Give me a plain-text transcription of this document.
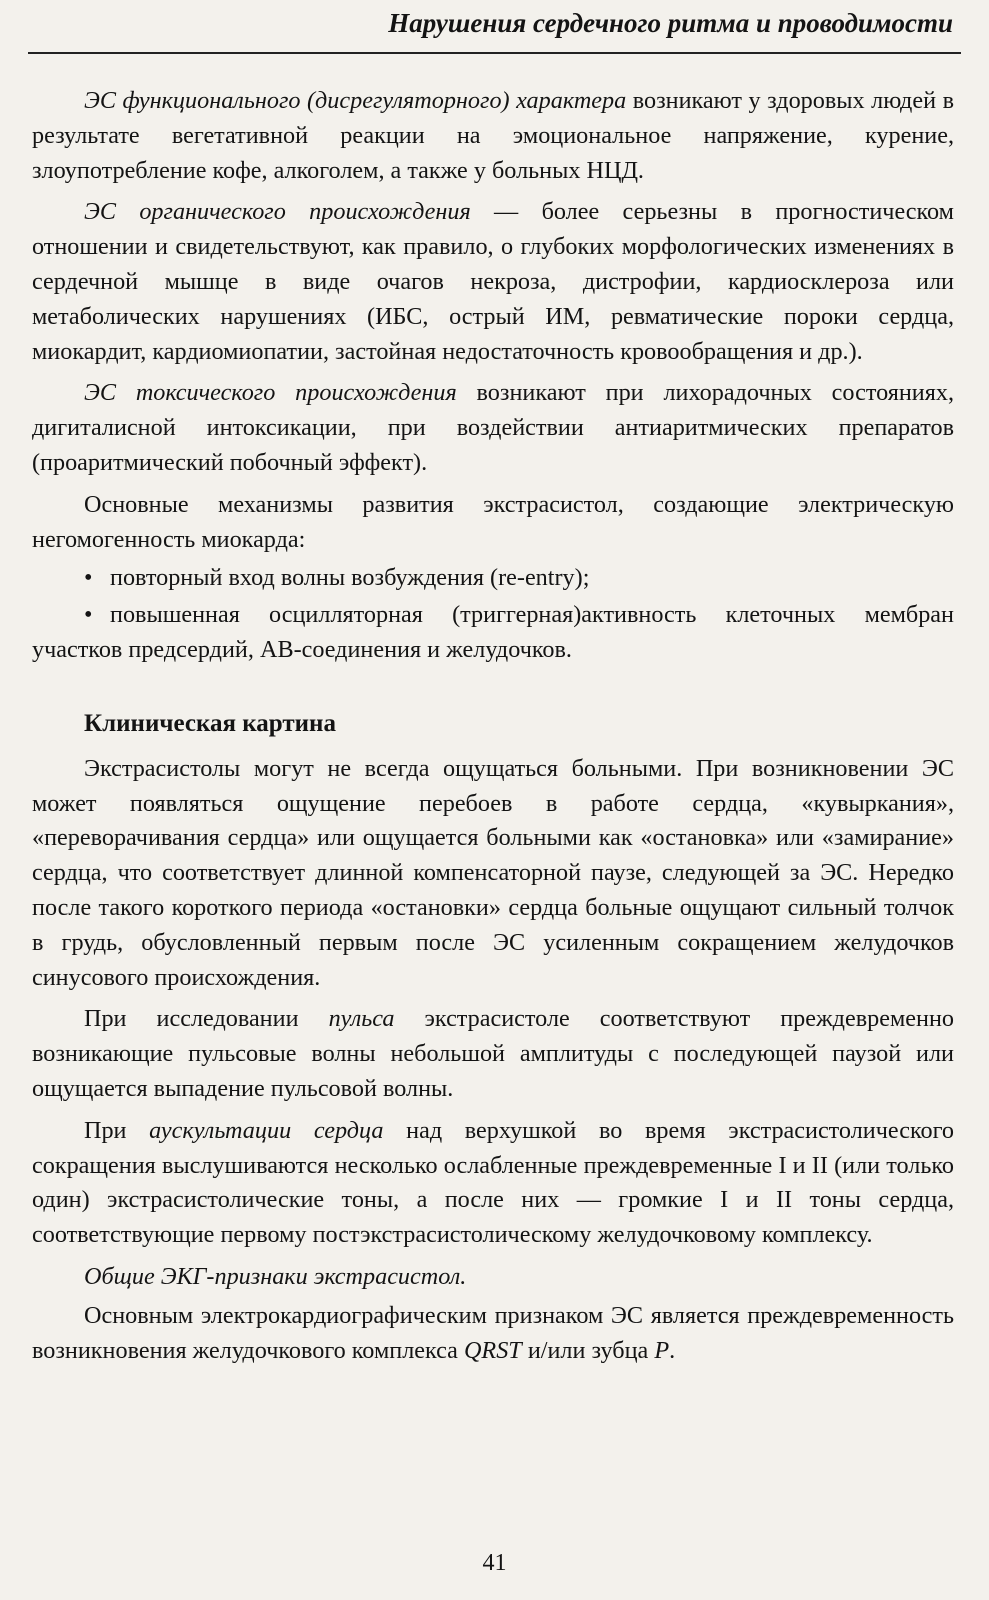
Нарушения сердечного ритма и проводимости

ЭС функционального (дисрегуляторного) характера возникают у здоровых людей в результате вегетативной реакции на эмоциональное напряжение, курение, злоупотребление кофе, алкоголем, а также у больных НЦД.

ЭС органического происхождения — более серьезны в прогностическом отношении и свидетельствуют, как правило, о глубоких морфологических изменениях в сердечной мышце в виде очагов некроза, дистрофии, кардиосклероза или метаболических нарушениях (ИБС, острый ИМ, ревматические пороки сердца, миокардит, кардиомиопатии, застойная недостаточность кровообращения и др.).

ЭС токсического происхождения возникают при лихорадочных состояниях, дигиталисной интоксикации, при воздействии антиаритмических препаратов (проаритмический побочный эффект).

Основные механизмы развития экстрасистол, создающие электрическую негомогенность миокарда:

• повторный вход волны возбуждения (re-entry);
• повышенная осцилляторная (триггерная)активность клеточных мембран участков предсердий, АВ-соединения и желудочков.
Клиническая картина

Экстрасистолы могут не всегда ощущаться больными. При возникновении ЭС может появляться ощущение перебоев в работе сердца, «кувыркания», «переворачивания сердца» или ощущается больными как «остановка» или «замирание» сердца, что соответствует длинной компенсаторной паузе, следующей за ЭС. Нередко после такого короткого периода «остановки» сердца больные ощущают сильный толчок в грудь, обусловленный первым после ЭС усиленным сокращением желудочков синусового происхождения.

При исследовании пульса экстрасистоле соответствуют преждевременно возникающие пульсовые волны небольшой амплитуды с последующей паузой или ощущается выпадение пульсовой волны.

При аускультации сердца над верхушкой во время экстрасистолического сокращения выслушиваются несколько ослабленные преждевременные I и II (или только один) экстрасистолические тоны, а после них — громкие I и II тоны сердца, соответствующие первому постэкстрасистолическому желудочковому комплексу.

Общие ЭКГ-признаки экстрасистол.

Основным электрокардиографическим признаком ЭС является преждевременность возникновения желудочкового комплекса QRST и/или зубца P.

41
